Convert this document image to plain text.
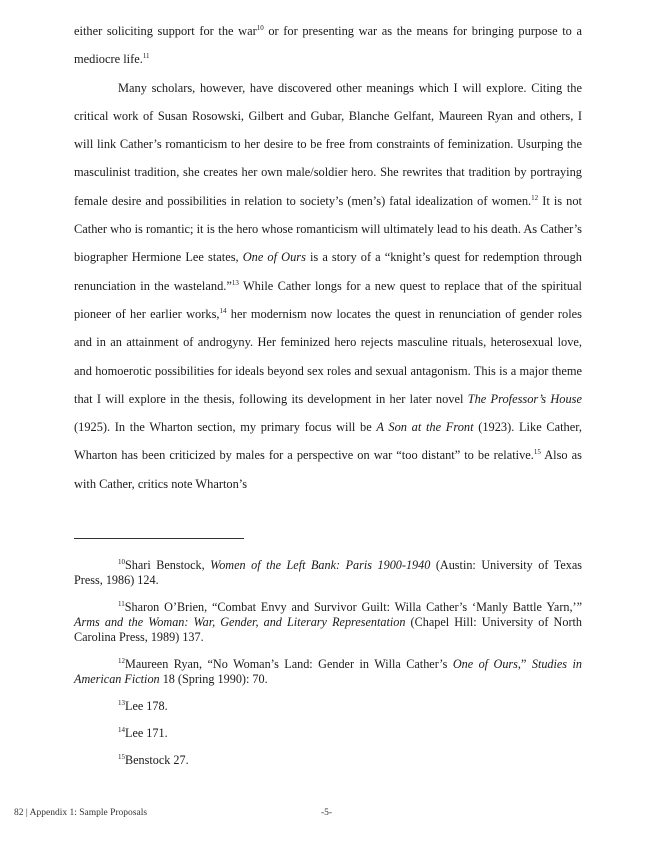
either soliciting support for the war$^{10}$ or for presenting war as the means for bringing purpose to a mediocre life.$^{11}$

Many scholars, however, have discovered other meanings which I will explore. Citing the critical work of Susan Rosowski, Gilbert and Gubar, Blanche Gelfant, Maureen Ryan and others, I will link Cather’s romanticism to her desire to be free from constraints of feminization. Usurping the masculinist tradition, she creates her own male/soldier hero. She rewrites that tradition by portraying female desire and possibilities in relation to society’s (men’s) fatal idealization of women.$^{12}$ It is not Cather who is romantic; it is the hero whose romanticism will ultimately lead to his death. As Cather’s biographer Hermione Lee states, One of Ours is a story of a “knight’s quest for redemption through renunciation in the wasteland.”$^{13}$ While Cather longs for a new quest to replace that of the spiritual pioneer of her earlier works,$^{14}$ her modernism now locates the quest in renunciation of gender roles and in an attainment of androgyny. Her feminized hero rejects masculine rituals, heterosexual love, and homoerotic possibilities for ideals beyond sex roles and sexual antagonism. This is a major theme that I will explore in the thesis, following its development in her later novel The Professor’s House (1925). In the Wharton section, my primary focus will be A Son at the Front (1923). Like Cather, Wharton has been criticized by males for a perspective on war “too distant” to be relative.$^{15}$ Also as with Cather, critics note Wharton’s

$^{10}$Shari Benstock, Women of the Left Bank: Paris 1900-1940 (Austin: University of Texas Press, 1986) 124.

$^{11}$Sharon O’Brien, “Combat Envy and Survivor Guilt: Willa Cather’s ‘Manly Battle Yarn,’” Arms and the Woman: War, Gender, and Literary Representation (Chapel Hill: University of North Carolina Press, 1989) 137.

$^{12}$Maureen Ryan, “No Woman’s Land: Gender in Willa Cather’s One of Ours,” Studies in American Fiction 18 (Spring 1990): 70.

$^{13}$Lee 178.

$^{14}$Lee 171.

$^{15}$Benstock 27.

82 | Appendix 1: Sample Proposals	-5-
